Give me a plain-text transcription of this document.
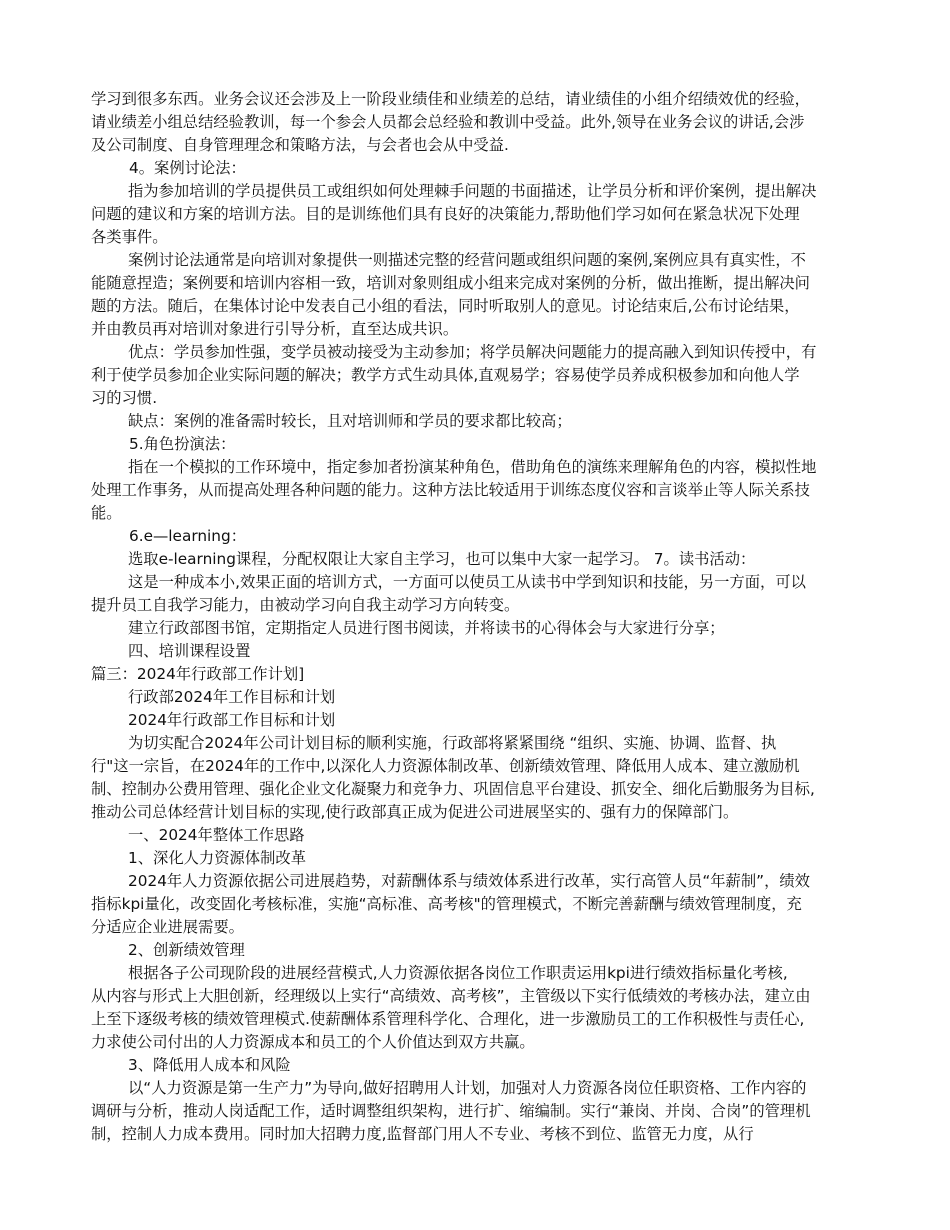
学习到很多东西。业务会议还会涉及上一阶段业绩佳和业绩差的总结，请业绩佳的小组介绍绩效优的经验，
请业绩差小组总结经验教训，每一个参会人员都会总经验和教训中受益。此外,领导在业务会议的讲话,会涉
及公司制度、自身管理理念和策略方法，与会者也会从中受益.
4。案例讨论法：
指为参加培训的学员提供员工或组织如何处理棘手问题的书面描述，让学员分析和评价案例，提出解决
问题的建议和方案的培训方法。目的是训练他们具有良好的决策能力,帮助他们学习如何在紧急状况下处理
各类事件。
案例讨论法通常是向培训对象提供一则描述完整的经营问题或组织问题的案例,案例应具有真实性，不
能随意捏造；案例要和培训内容相一致，培训对象则组成小组来完成对案例的分析，做出推断，提出解决问
题的方法。随后，在集体讨论中发表自己小组的看法，同时听取别人的意见。讨论结束后,公布讨论结果，
并由教员再对培训对象进行引导分析，直至达成共识。
优点：学员参加性强，变学员被动接受为主动参加；将学员解决问题能力的提高融入到知识传授中，有
利于使学员参加企业实际问题的解决；教学方式生动具体,直观易学；容易使学员养成积极参加和向他人学
习的习惯.
缺点：案例的准备需时较长，且对培训师和学员的要求都比较高；
5.角色扮演法：
指在一个模拟的工作环境中，指定参加者扮演某种角色，借助角色的演练来理解角色的内容，模拟性地
处理工作事务，从而提高处理各种问题的能力。这种方法比较适用于训练态度仪容和言谈举止等人际关系技
能。
6.e—learning：
选取e-learning课程，分配权限让大家自主学习，也可以集中大家一起学习。 7。读书活动：
这是一种成本小,效果正面的培训方式，一方面可以使员工从读书中学到知识和技能，另一方面，可以
提升员工自我学习能力，由被动学习向自我主动学习方向转变。
建立行政部图书馆，定期指定人员进行图书阅读，并将读书的心得体会与大家进行分享；
四、培训课程设置
篇三：2024年行政部工作计划]
行政部2024年工作目标和计划
2024年行政部工作目标和计划
为切实配合2024年公司计划目标的顺利实施，行政部将紧紧围绕 “组织、实施、协调、监督、执
行"这一宗旨，在2024年的工作中,以深化人力资源体制改革、创新绩效管理、降低用人成本、建立激励机
制、控制办公费用管理、强化企业文化凝聚力和竞争力、巩固信息平台建设、抓安全、细化后勤服务为目标,
推动公司总体经营计划目标的实现,使行政部真正成为促进公司进展坚实的、强有力的保障部门。
一、2024年整体工作思路
1、深化人力资源体制改革
2024年人力资源依据公司进展趋势，对薪酬体系与绩效体系进行改革，实行高管人员“年薪制”，绩效
指标kpi量化，改变固化考核标准，实施“高标准、高考核"的管理模式，不断完善薪酬与绩效管理制度，充
分适应企业进展需要。
2、创新绩效管理
根据各子公司现阶段的进展经营模式,人力资源依据各岗位工作职责运用kpi进行绩效指标量化考核,
从内容与形式上大胆创新，经理级以上实行“高绩效、高考核”，主管级以下实行低绩效的考核办法，建立由
上至下逐级考核的绩效管理模式.使薪酬体系管理科学化、合理化，进一步激励员工的工作积极性与责任心,
力求使公司付出的人力资源成本和员工的个人价值达到双方共赢。
3、降低用人成本和风险
以“人力资源是第一生产力”为导向,做好招聘用人计划，加强对人力资源各岗位任职资格、工作内容的
调研与分析，推动人岗适配工作，适时调整组织架构，进行扩、缩编制。实行“兼岗、并岗、合岗”的管理机
制，控制人力成本费用。同时加大招聘力度,监督部门用人不专业、考核不到位、监管无力度，从行
